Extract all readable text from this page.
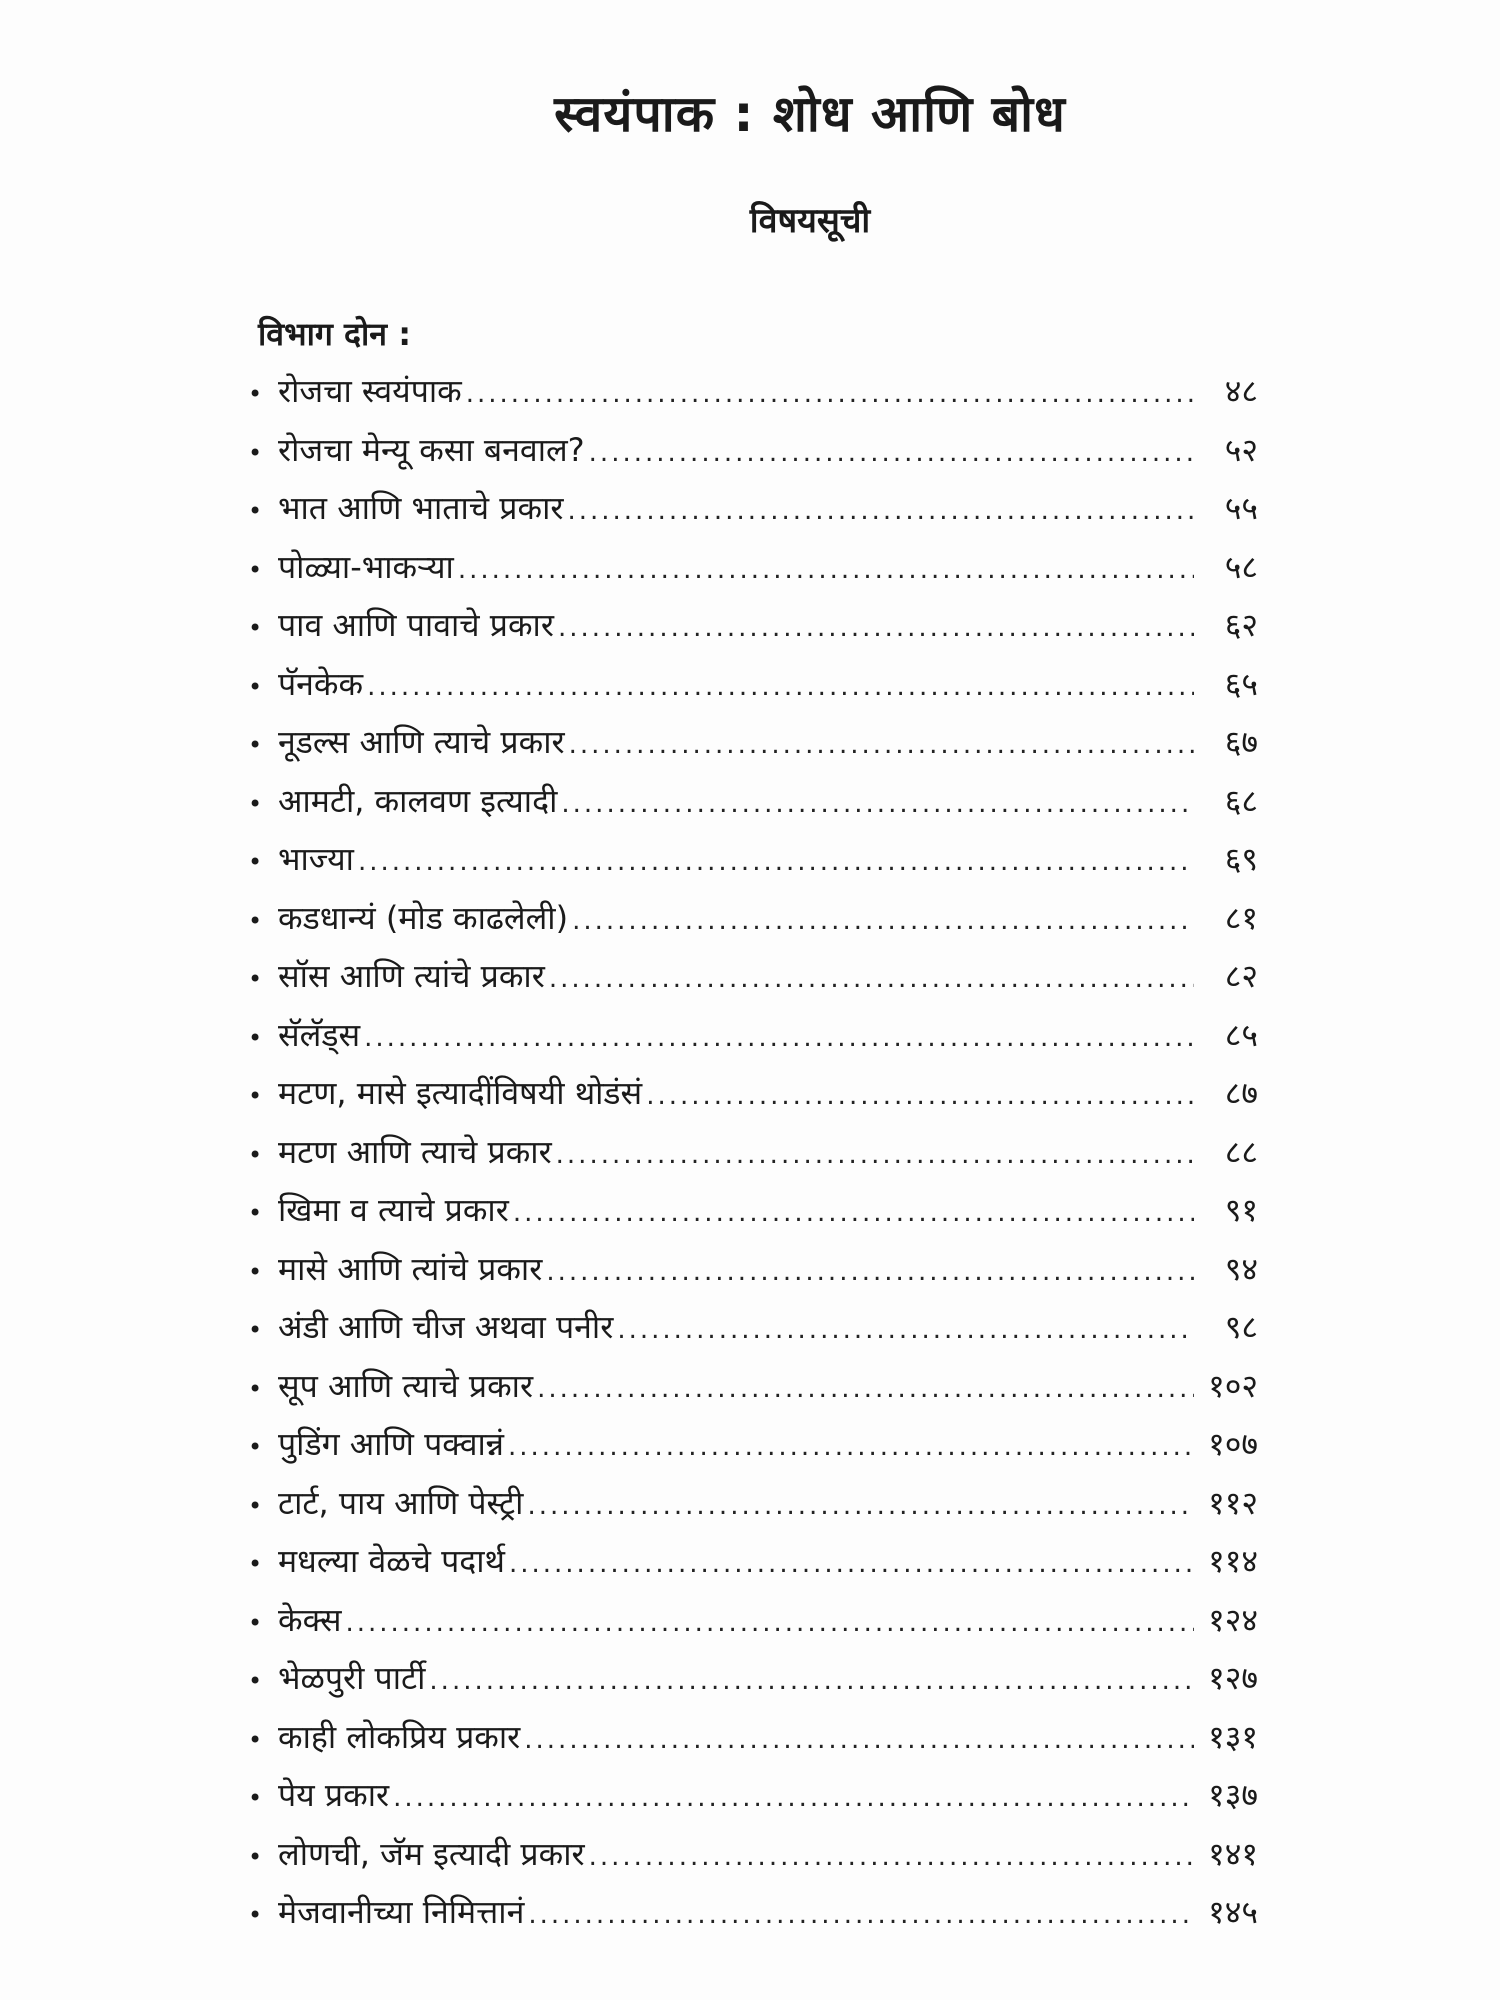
स्वयंपाक : शोध आणि बोध
विषयसूची
विभाग दोन :
• रोजचा स्वयंपाक .....	४८
• रोजचा मेन्यू कसा बनवाल? .....	५२
• भात आणि भाताचे प्रकार .....	५५
• पोळ्या-भाकऱ्या .....	५८
• पाव आणि पावाचे प्रकार .....	६२
• पॅनकेक .....	६५
• नूडल्स आणि त्याचे प्रकार .....	६७
• आमटी, कालवण इत्यादी .....	६८
• भाज्या .....	६९
• कडधान्यं (मोड काढलेली) .....	८१
• सॉस आणि त्यांचे प्रकार .....	८२
• सॅलॅड्स .....	८५
• मटण, मासे इत्यादींविषयी थोडंसं .....	८७
• मटण आणि त्याचे प्रकार .....	८८
• खिमा व त्याचे प्रकार .....	९१
• मासे आणि त्यांचे प्रकार .....	९४
• अंडी आणि चीज अथवा पनीर .....	९८
• सूप आणि त्याचे प्रकार .....	१०२
• पुडिंग आणि पक्वान्नं .....	१०७
• टार्ट, पाय आणि पेस्ट्री .....	११२
• मधल्या वेळचे पदार्थ .....	११४
• केक्स .....	१२४
• भेळपुरी पार्टी .....	१२७
• काही लोकप्रिय प्रकार .....	१३१
• पेय प्रकार .....	१३७
• लोणची, जॅम इत्यादी प्रकार .....	१४१
• मेजवानीच्या निमित्तानं .....	१४५
